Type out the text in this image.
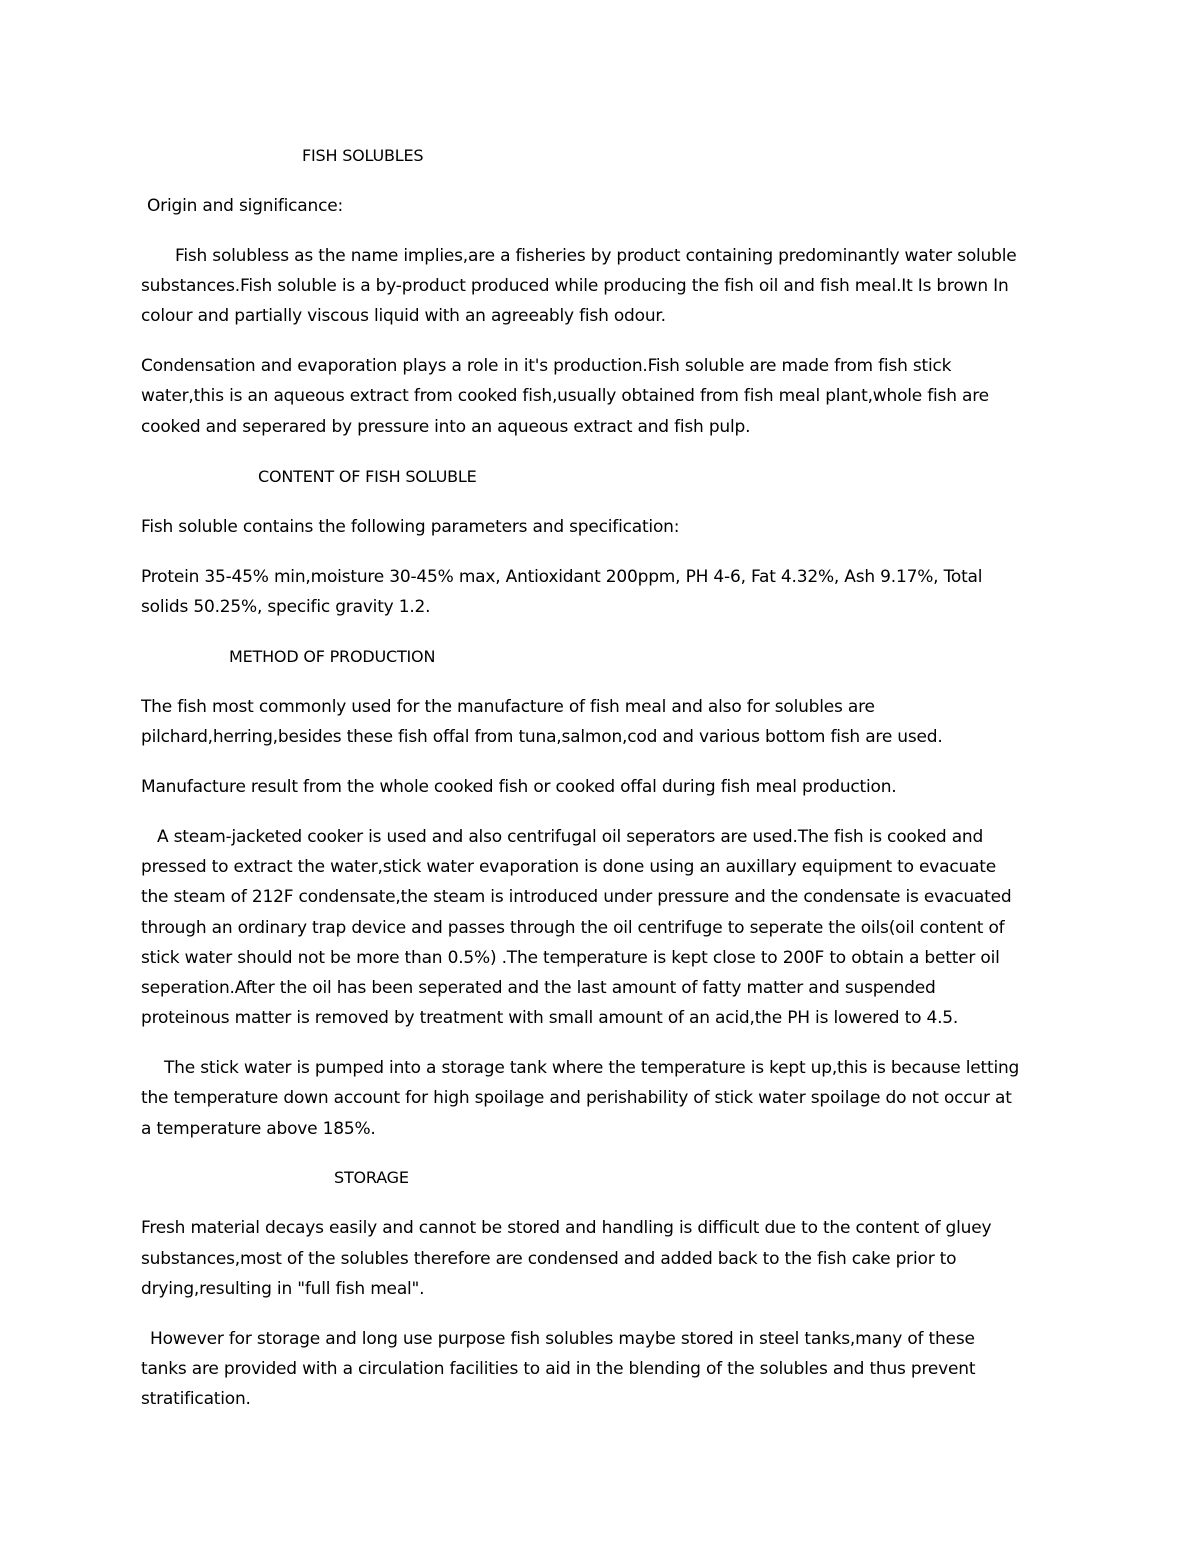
FISH SOLUBLES
Origin and significance:
Fish solubless as the name implies,are a fisheries by product containing predominantly water soluble
substances.Fish soluble is a by-product produced while producing the fish oil and fish meal.It Is brown In
colour and partially viscous liquid with an agreeably fish odour.
Condensation and evaporation plays a role in it's production.Fish soluble are made from fish stick
water,this is an aqueous extract from cooked fish,usually obtained from fish meal plant,whole fish are
cooked and seperared by pressure into an aqueous extract and fish pulp.
CONTENT OF FISH SOLUBLE
Fish soluble contains the following parameters and specification:
Protein 35-45% min,moisture 30-45% max, Antioxidant 200ppm, PH 4-6, Fat 4.32%, Ash 9.17%, Total
solids 50.25%, specific gravity 1.2.
METHOD OF PRODUCTION
The fish most commonly used for the manufacture of fish meal and also for solubles are
pilchard,herring,besides these fish offal from tuna,salmon,cod and various bottom fish are used.
Manufacture result from the whole cooked fish or cooked offal during fish meal production.
A steam-jacketed cooker is used and also centrifugal oil seperators are used.The fish is cooked and
pressed to extract the water,stick water evaporation is done using an auxillary equipment to evacuate
the steam of 212F condensate,the steam is introduced under pressure and the condensate is evacuated
through an ordinary trap device and passes through the oil centrifuge to seperate the oils(oil content of
stick water should not be more than 0.5%) .The temperature is kept close to 200F to obtain a better oil
seperation.After the oil has been seperated and the last amount of fatty matter and suspended
proteinous matter is removed by treatment with small amount of an acid,the PH is lowered to 4.5.
The stick water is pumped into a storage tank where the temperature is kept up,this is because letting
the temperature down account for high spoilage and perishability of stick water spoilage do not occur at
a temperature above 185%.
STORAGE
Fresh material decays easily and cannot be stored and handling is difficult due to the content of gluey
substances,most of the solubles therefore are condensed and added back to the fish cake prior to
drying,resulting in "full fish meal".
However for storage and long use purpose fish solubles maybe stored in steel tanks,many of these
tanks are provided with a circulation facilities to aid in the blending of the solubles and thus prevent
stratification.
